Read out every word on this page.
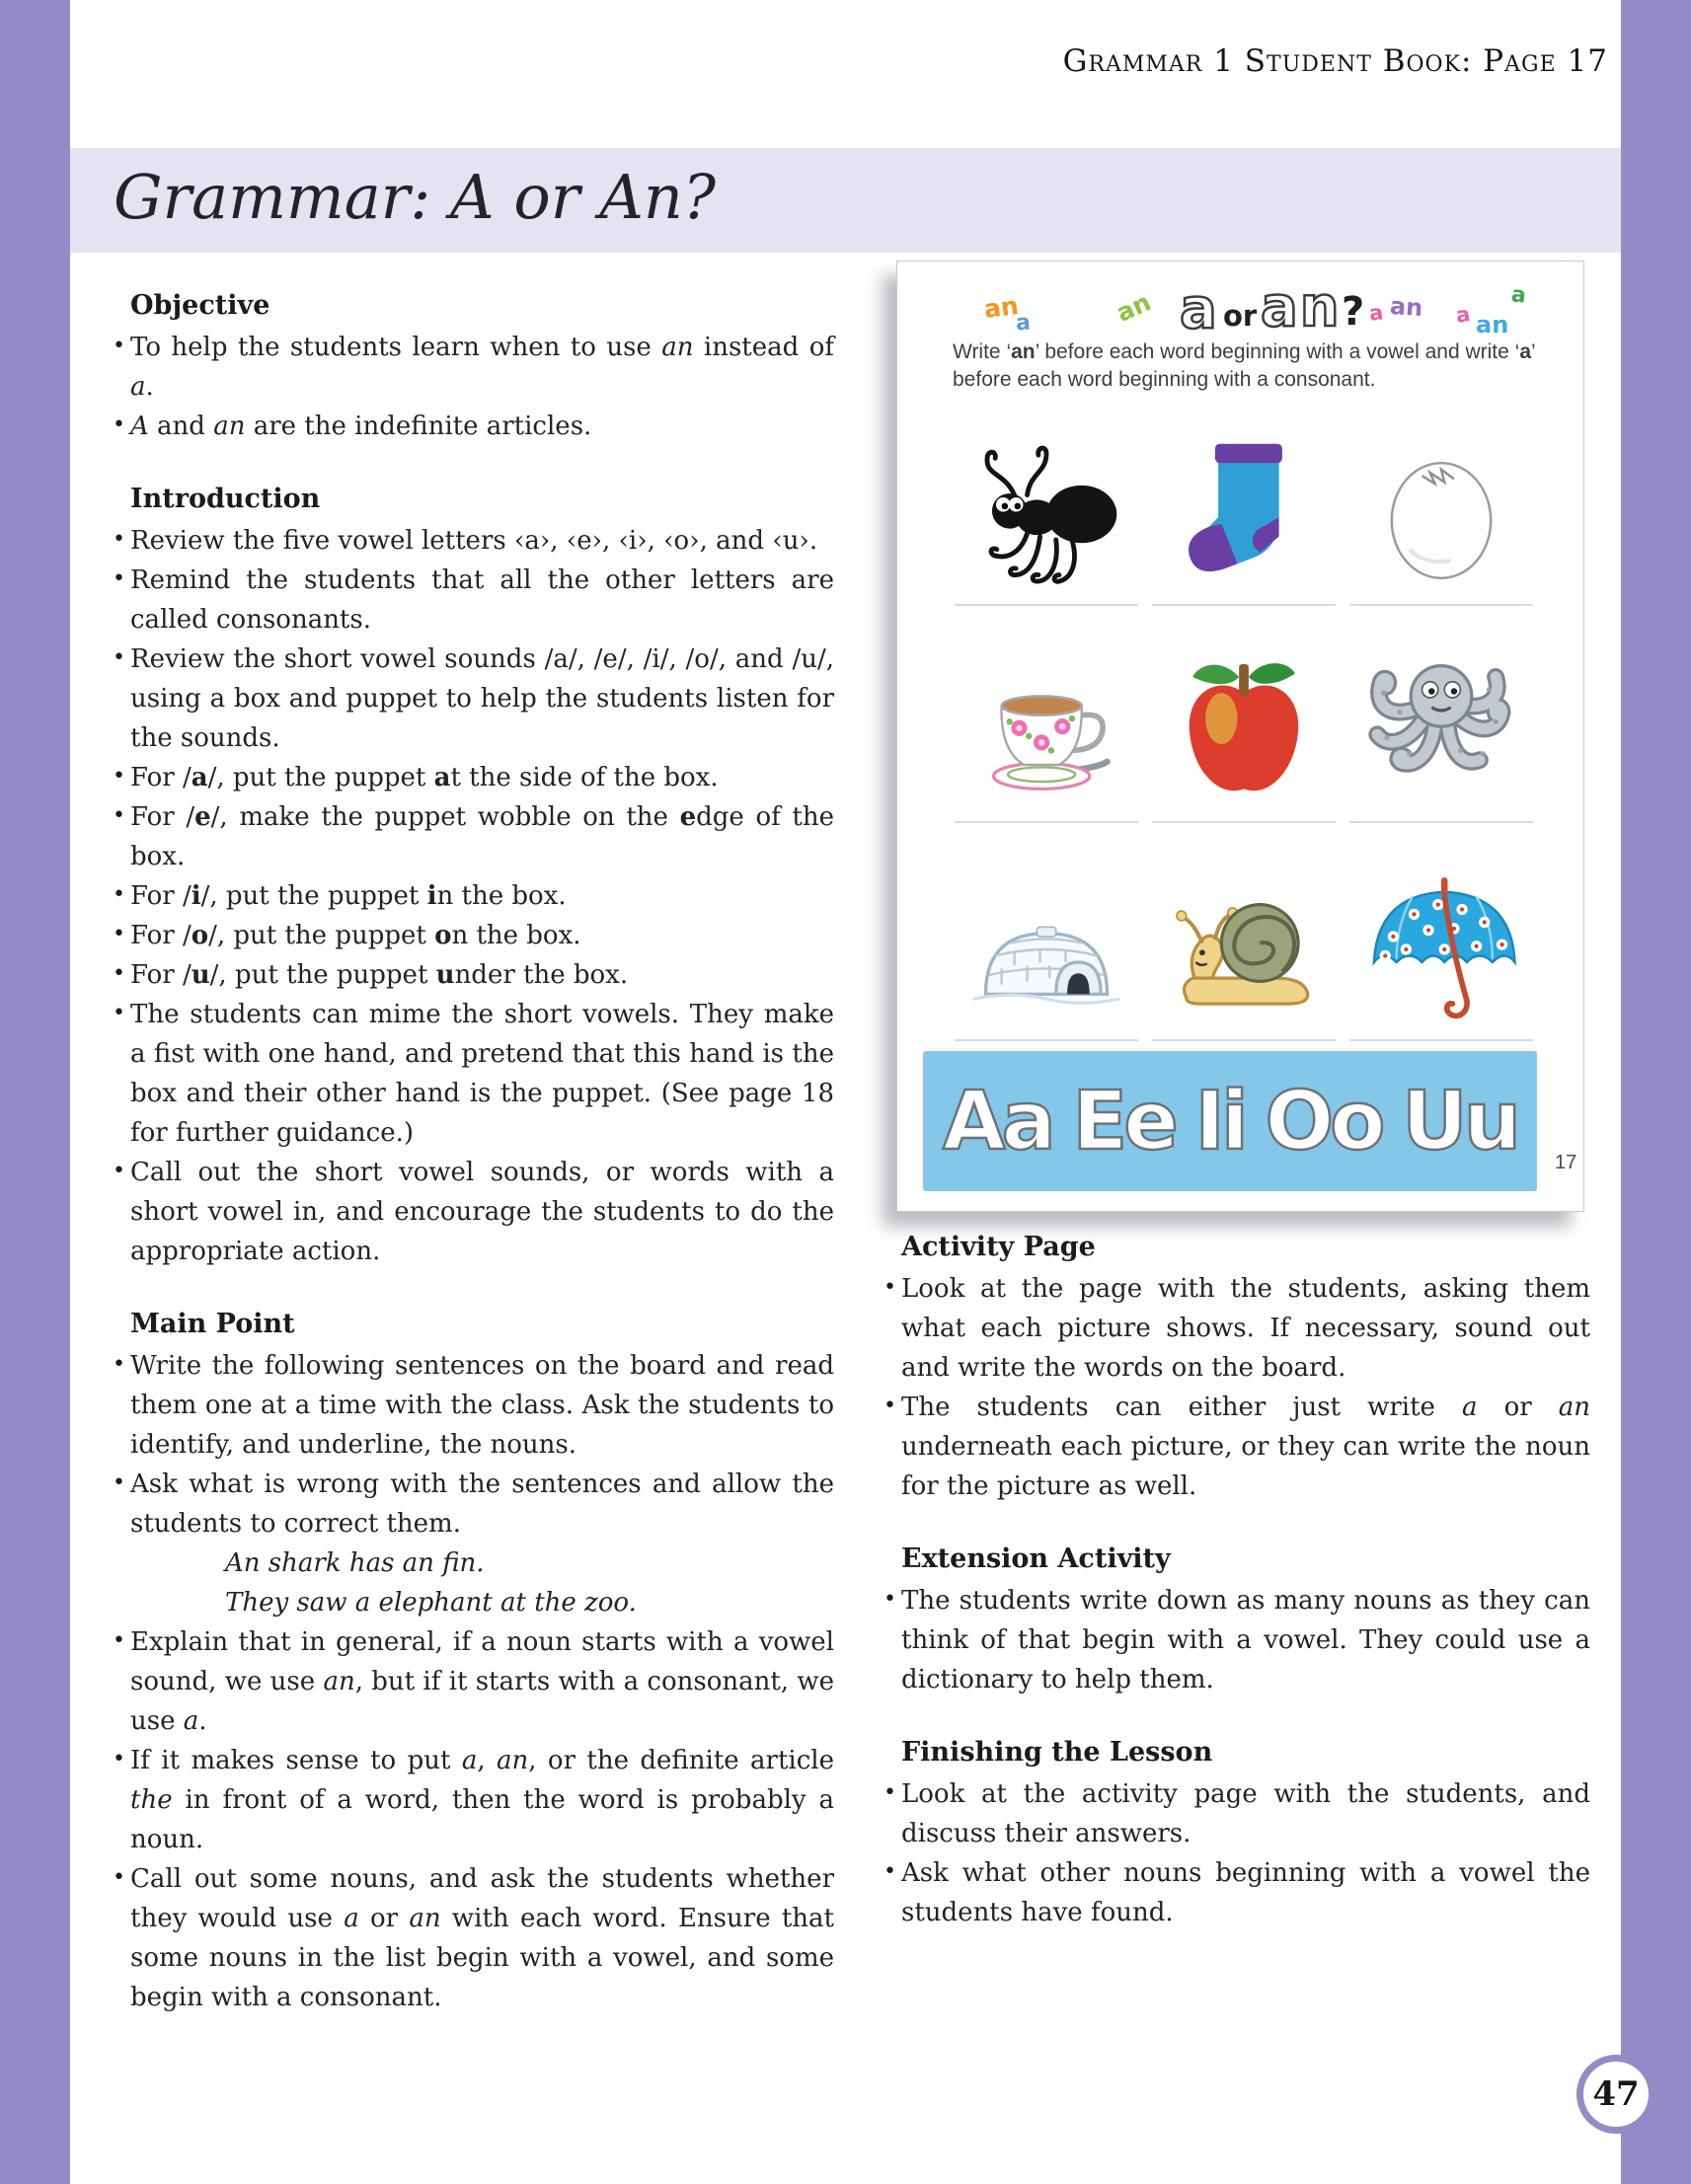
Grammar 1 Student Book: Page 17
Grammar: A or An?
Objective
• To help the students learn when to use an instead of a.
• A and an are the indefinite articles.
Introduction
• Review the five vowel letters ‹a›, ‹e›, ‹i›, ‹o›, and ‹u›.
• Remind the students that all the other letters are called consonants.
• Review the short vowel sounds /a/, /e/, /i/, /o/, and /u/, using a box and puppet to help the students listen for the sounds.
• For /a/, put the puppet at the side of the box.
• For /e/, make the puppet wobble on the edge of the box.
• For /i/, put the puppet in the box.
• For /o/, put the puppet on the box.
• For /u/, put the puppet under the box.
• The students can mime the short vowels. They make a fist with one hand, and pretend that this hand is the box and their other hand is the puppet. (See page 18 for further guidance.)
• Call out the short vowel sounds, or words with a short vowel in, and encourage the students to do the appropriate action.
Main Point
• Write the following sentences on the board and read them one at a time with the class. Ask the students to identify, and underline, the nouns.
• Ask what is wrong with the sentences and allow the students to correct them.
An shark has an fin.
They saw a elephant at the zoo.
• Explain that in general, if a noun starts with a vowel sound, we use an, but if it starts with a consonant, we use a.
• If it makes sense to put a, an, or the definite article the in front of a word, then the word is probably a noun.
• Call out some nouns, and ask the students whether they would use a or an with each word. Ensure that some nouns in the list begin with a vowel, and some begin with a consonant.
an
a	an a or an ? a an a an
a
Write ‘an’ before each word beginning with a vowel and write ‘a’ before each word beginning with a consonant.
Aa Ee Ii Oo Uu 17
Activity Page
• Look at the page with the students, asking them what each picture shows. If necessary, sound out and write the words on the board.
• The students can either just write a or an underneath each picture, or they can write the noun for the picture as well.
Extension Activity
• The students write down as many nouns as they can think of that begin with a vowel. They could use a dictionary to help them.
Finishing the Lesson
• Look at the activity page with the students, and discuss their answers.
• Ask what other nouns beginning with a vowel the students have found.
47
